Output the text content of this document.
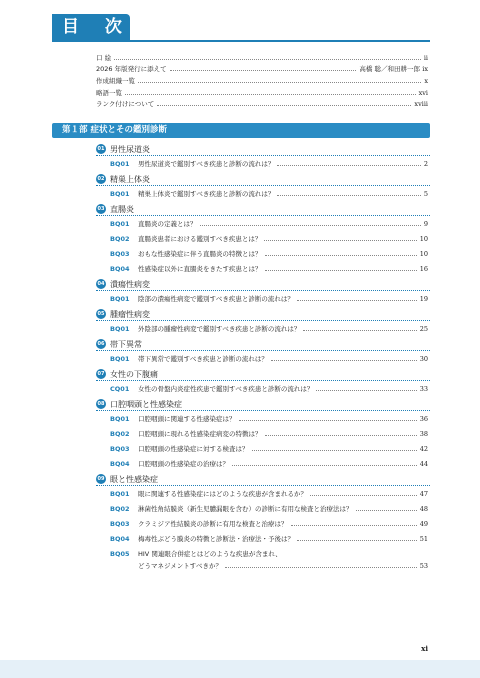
目 次
口 絵	ii
2026 年版発行に添えて	高橋 聡／和田耕一郎 ix
作成組織一覧	x
略語一覧	xvi
ランク付けについて	xviii
第１部 症状とその鑑別診断
01 男性尿道炎
BQ01 男性尿道炎で鑑別すべき疾患と診断の流れは？	2
02 精巣上体炎
BQ01 精巣上体炎で鑑別すべき疾患と診断の流れは？	5
03 直腸炎
BQ01 直腸炎の定義とは？	9
BQ02 直腸炎患者における鑑別すべき疾患とは？	10
BQ03 おもな性感染症に伴う直腸炎の特徴とは？	10
BQ04 性感染症以外に直腸炎をきたす疾患とは？	16
04 潰瘍性病変
BQ01 陰部の潰瘍性病変で鑑別すべき疾患と診断の流れは？	19
05 腫瘤性病変
BQ01 外陰部の腫瘤性病変で鑑別すべき疾患と診断の流れは？	25
06 帯下異常
BQ01 帯下異常で鑑別すべき疾患と診断の流れは？	30
07 女性の下腹痛
CQ01 女性の骨盤内炎症性疾患で鑑別すべき疾患と診断の流れは？	33
08 口腔咽頭と性感染症
BQ01 口腔咽頭に関連する性感染症は？	36
BQ02 口腔咽頭に現れる性感染症病変の特徴は？	38
BQ03 口腔咽頭の性感染症に対する検査は？	42
BQ04 口腔咽頭の性感染症の治療は？	44
09 眼と性感染症
BQ01 眼に関連する性感染症にはどのような疾患が含まれるか？	47
BQ02 淋菌性角結膜炎（新生児膿漏眼を含む）の診断に有用な検査と治療法は？	48
BQ03 クラミジア性結膜炎の診断に有用な検査と治療は？	49
BQ04 梅毒性ぶどう膜炎の特徴と診断法・治療法・予後は？	51
BQ05 HIV 関連眼合併症とはどのような疾患が含まれ、
どうマネジメントすべきか？	53
xi
